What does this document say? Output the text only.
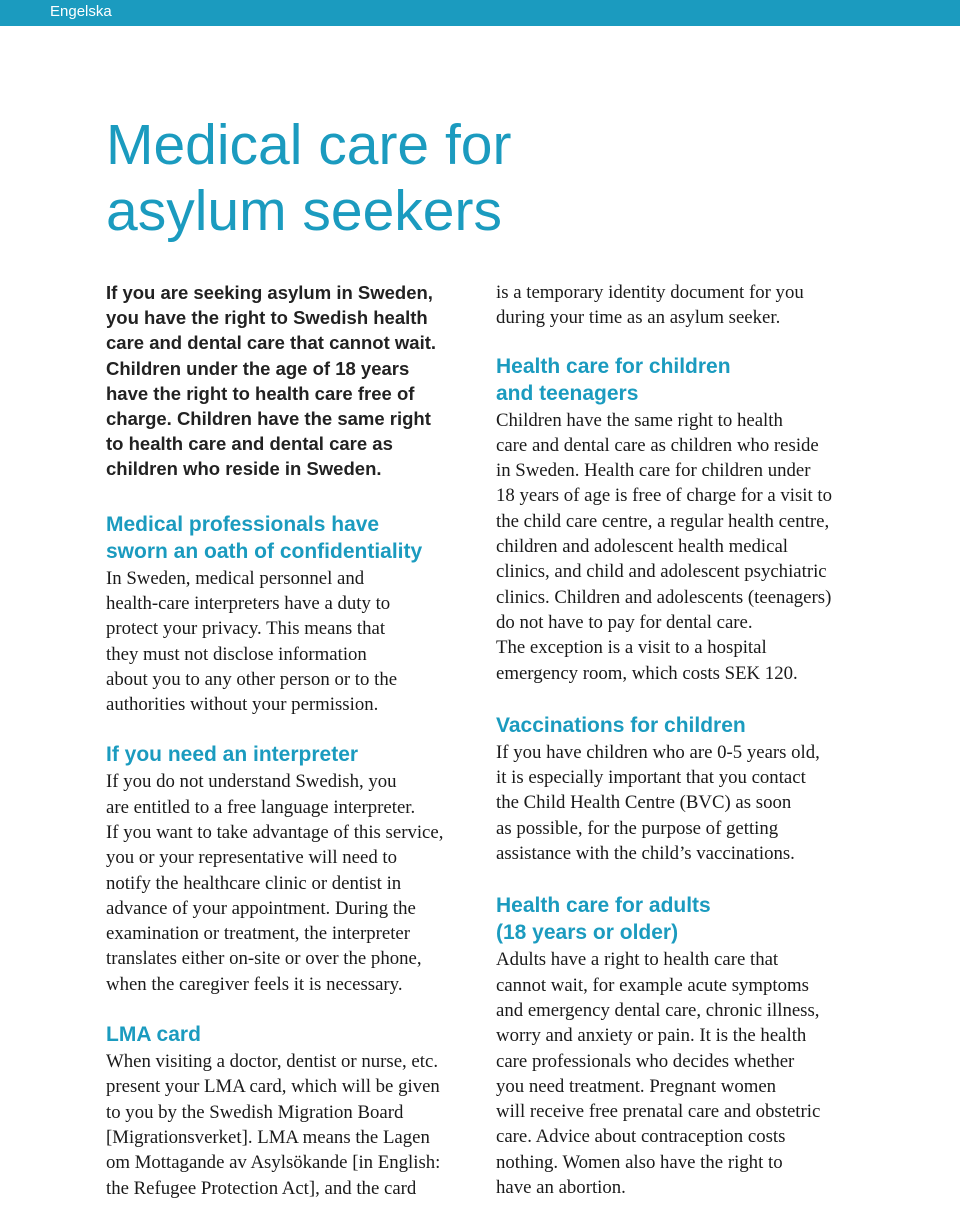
Engelska
Medical care for
asylum seekers

If you are seeking asylum in Sweden,
you have the right to Swedish health
care and dental care that cannot wait.
Children under the age of 18 years
have the right to health care free of
charge. Children have the same right
to health care and dental care as
children who reside in Sweden.

Medical professionals have
sworn an oath of confidentiality

In Sweden, medical personnel and
health-care interpreters have a duty to
protect your privacy. This means that
they must not disclose information
about you to any other person or to the
authorities without your permission.

If you need an interpreter

If you do not understand Swedish, you
are entitled to a free language interpreter.
If you want to take advantage of this service,
you or your representative will need to
notify the healthcare clinic or dentist in
advance of your appointment. During the
examination or treatment, the interpreter
translates either on-site or over the phone,
when the caregiver feels it is necessary.

LMA card

When visiting a doctor, dentist or nurse, etc.
present your LMA card, which will be given
to you by the Swedish Migration Board
[Migrationsverket]. LMA means the Lagen
om Mottagande av Asylsökande [in English:
the Refugee Protection Act], and the card

is a temporary identity document for you
during your time as an asylum seeker.

Health care for children
and teenagers

Children have the same right to health
care and dental care as children who reside
in Sweden. Health care for children under
18 years of age is free of charge for a visit to
the child care centre, a regular health centre,
children and adolescent health medical
clinics, and child and adolescent psychiatric
clinics. Children and adolescents (teenagers)
do not have to pay for dental care.
The exception is a visit to a hospital
emergency room, which costs SEK 120.

Vaccinations for children

If you have children who are 0-5 years old,
it is especially important that you contact
the Child Health Centre (BVC) as soon
as possible, for the purpose of getting
assistance with the child’s vaccinations.

Health care for adults
(18 years or older)

Adults have a right to health care that
cannot wait, for example acute symptoms
and emergency dental care, chronic illness,
worry and anxiety or pain. It is the health
care professionals who decides whether
you need treatment. Pregnant women
will receive free prenatal care and obstetric
care. Advice about contraception costs
nothing. Women also have the right to
have an abortion.
